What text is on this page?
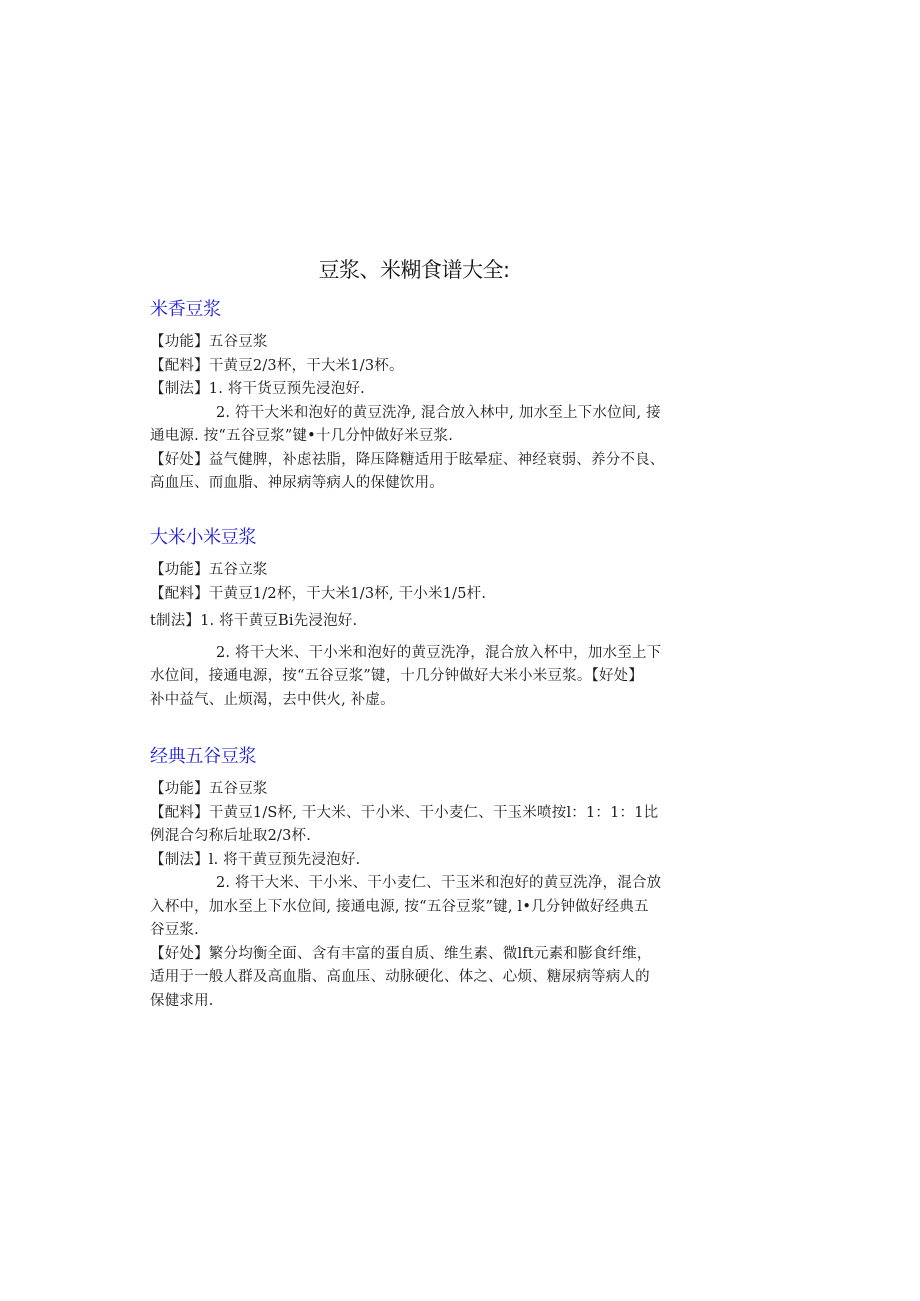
豆浆、米糊食谱大全:
米香豆浆
【功能】五谷豆浆
【配料】干黄豆2/3杯，干大米1/3杯。
【制法】1. 将干货豆预先浸泡好.
2. 符干大米和泡好的黄豆洗净, 混合放入林中, 加水至上下水位间, 接
通电源. 按“五谷豆浆”键•十几分忡做好米豆浆.
【好处】益气健脾，补虑祛脂，降压降糖适用于眩晕症、神经衰弱、养分不良、
高血压、而血脂、神尿病等病人的保健饮用。
大米小米豆浆
【功能】五谷立浆
【配料】干黄豆1/2杯，干大米1/3杯, 干小米1/5杆.
t制法】1. 将干黄豆Bi先浸泡好.
2. 将干大米、干小米和泡好的黄豆洗净，混合放入杯中，加水至上下
水位间，接通电源，按“五谷豆浆”键，十几分钟做好大米小米豆浆。【好处】
补中益气、止烦渴，去中供火, 补虚。
经典五谷豆浆
【功能】五谷豆浆
【配料】干黄豆1/S杯, 干大米、干小米、干小麦仁、干玉米喷按l：1：1：1比
例混合匀称后址取2/3杯.
【制法】l. 将干黄豆预先浸泡好.
2. 将干大米、干小米、干小麦仁、干玉米和泡好的黄豆洗净，混合放
入杯中，加水至上下水位间, 接通电源, 按“五谷豆浆”键, l•几分钟做好经典五
谷豆浆.
【好处】繁分均衡全面、含有丰富的蛋自质、维生素、微lft元素和膨食纤维，
适用于一般人群及高血脂、高血压、动脉硬化、体之、心烦、糖尿病等病人的
保健求用.
